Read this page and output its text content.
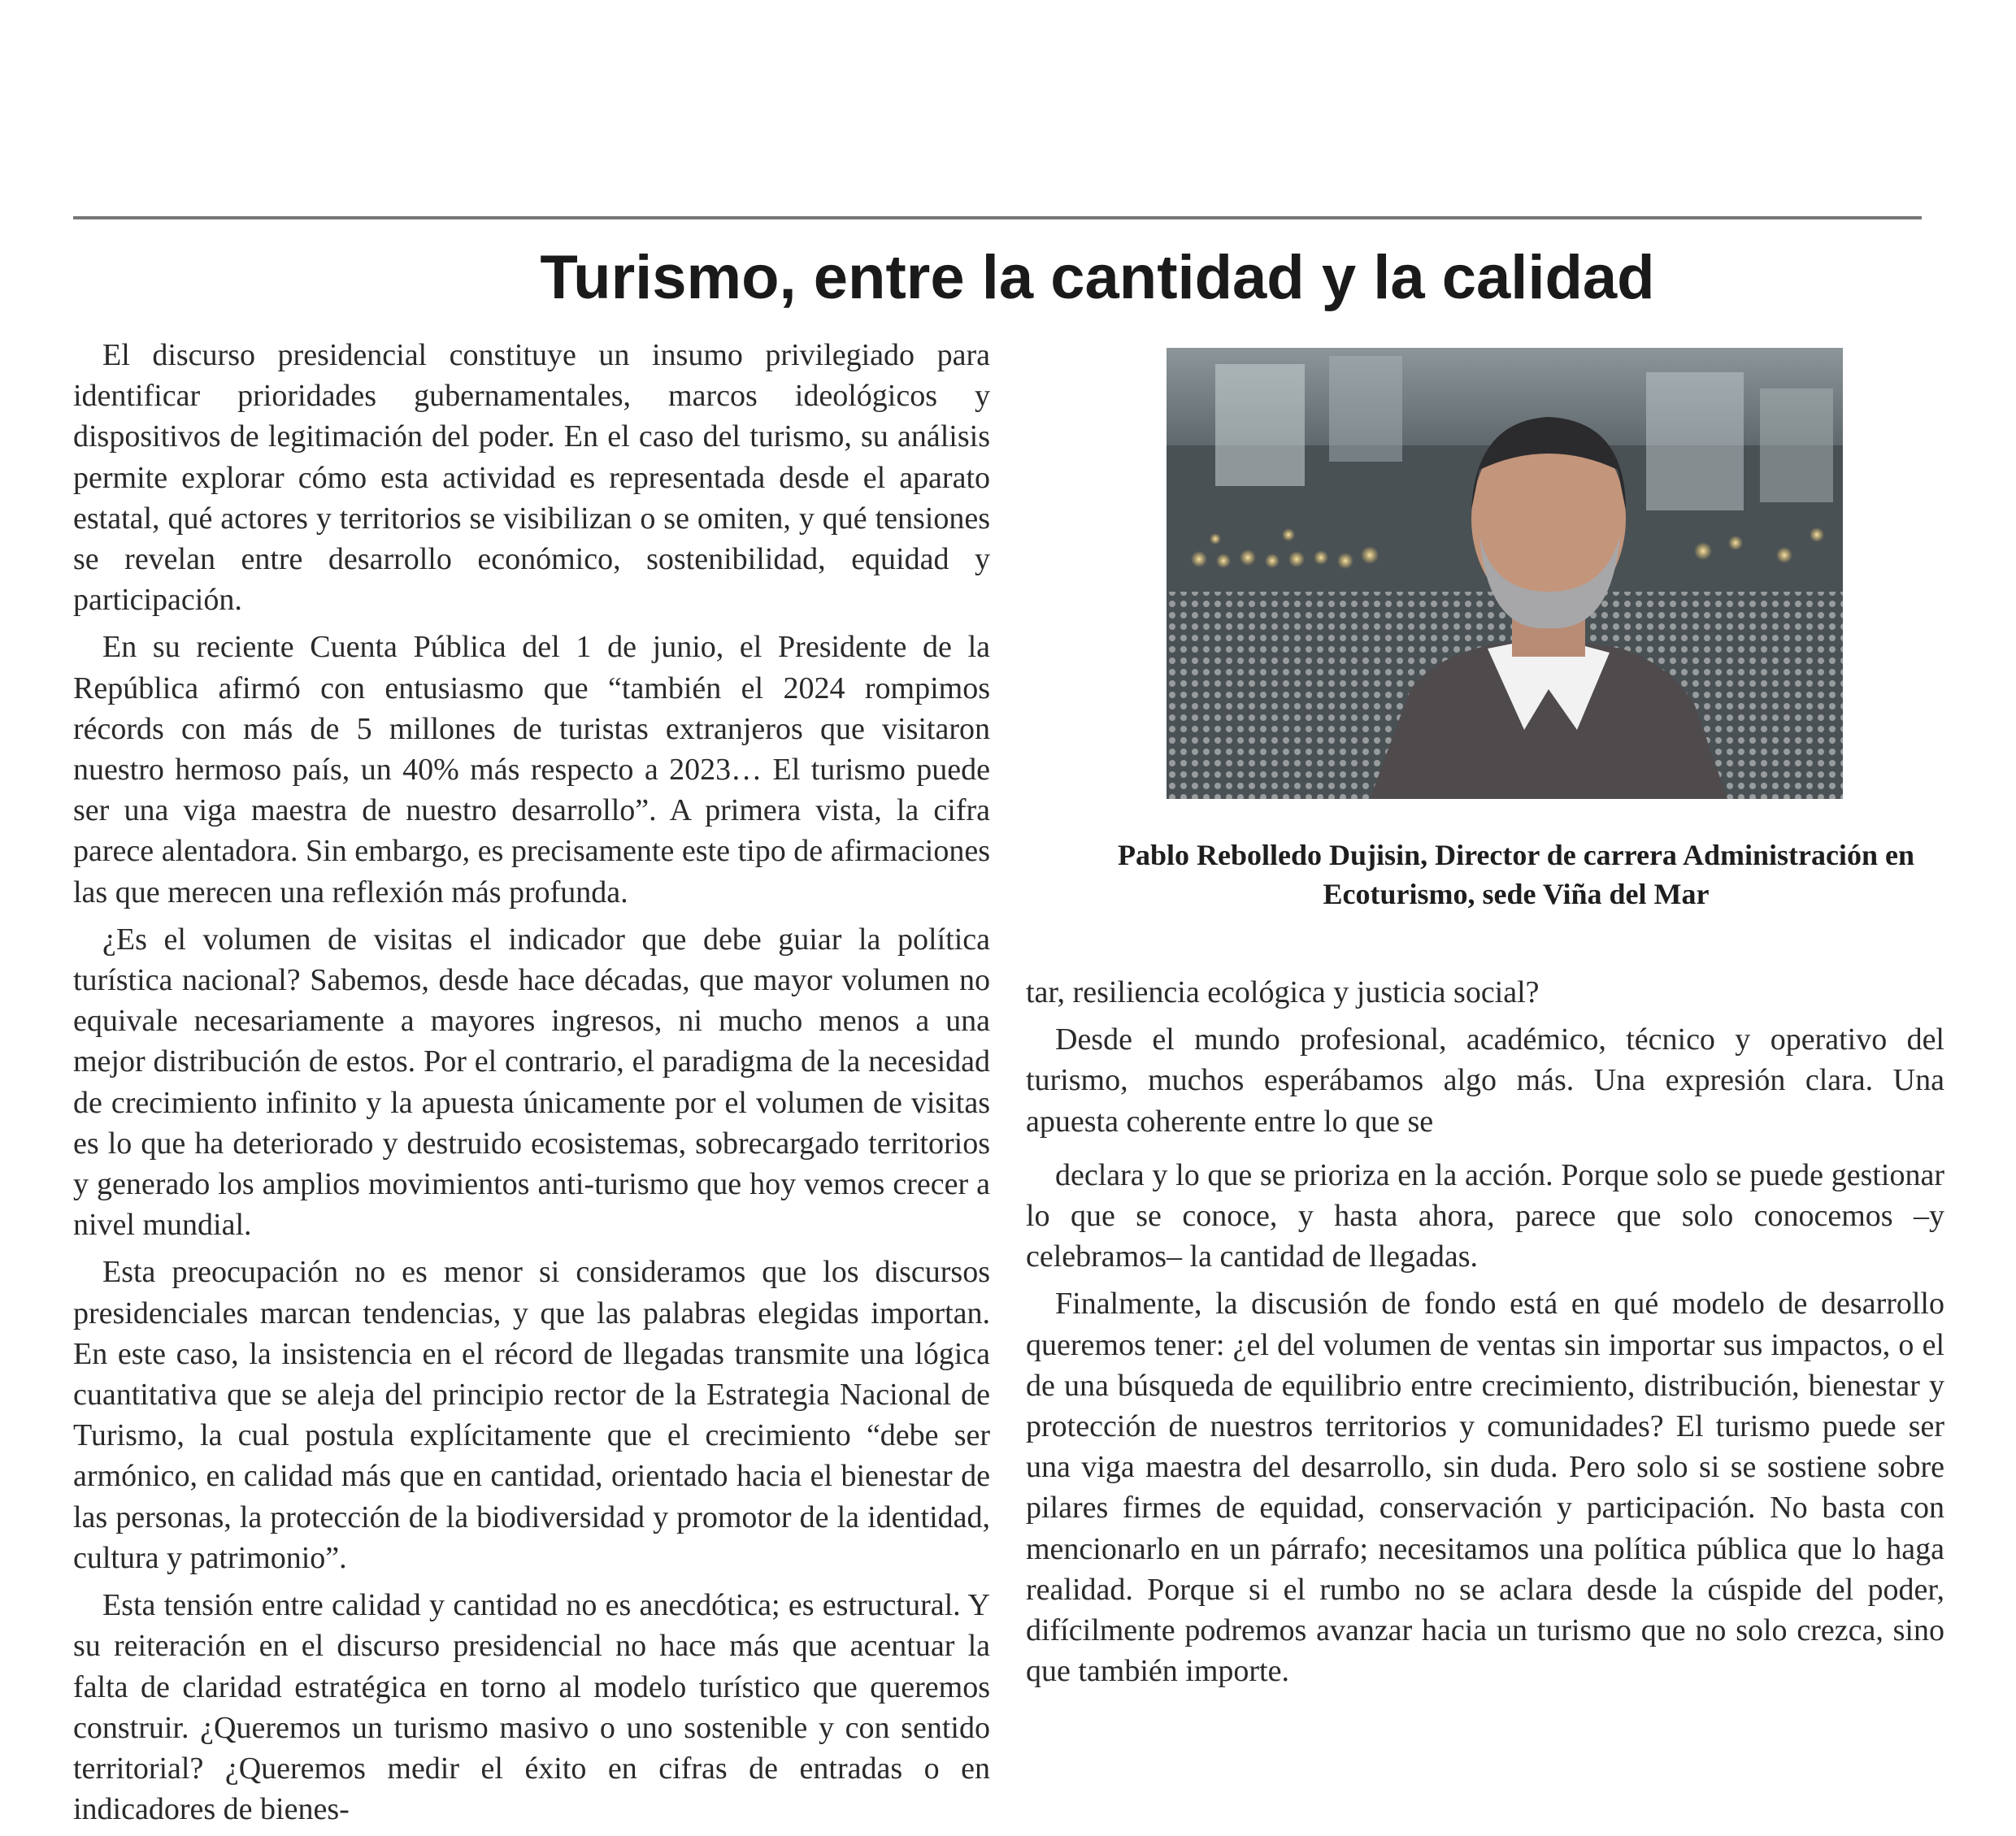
Turismo, entre la cantidad y la calidad

El discurso presidencial constituye un insumo privilegiado para identificar prioridades gubernamentales, marcos ideológicos y dispositivos de legitimación del poder. En el caso del turismo, su análisis permite explorar cómo esta actividad es representada desde el aparato estatal, qué actores y territorios se visibilizan o se omiten, y qué tensiones se revelan entre desarrollo económico, sostenibilidad, equidad y participación.

En su reciente Cuenta Pública del 1 de junio, el Presidente de la República afirmó con entusiasmo que “también el 2024 rompimos récords con más de 5 millones de turistas extranjeros que visitaron nuestro hermoso país, un 40% más respecto a 2023… El turismo puede ser una viga maestra de nuestro desarrollo”. A primera vista, la cifra parece alentadora. Sin embargo, es precisamente este tipo de afirmaciones las que merecen una reflexión más profunda.

¿Es el volumen de visitas el indicador que debe guiar la política turística nacional? Sabemos, desde hace décadas, que mayor volumen no equivale necesariamente a mayores ingresos, ni mucho menos a una mejor distribución de estos. Por el contrario, el paradigma de la necesidad de crecimiento infinito y la apuesta únicamente por el volumen de visitas es lo que ha deteriorado y destruido ecosistemas, sobrecargado territorios y generado los amplios movimientos anti-turismo que hoy vemos crecer a nivel mundial.

Esta preocupación no es menor si consideramos que los discursos presidenciales marcan tendencias, y que las palabras elegidas importan. En este caso, la insistencia en el récord de llegadas transmite una lógica cuantitativa que se aleja del principio rector de la Estrategia Nacional de Turismo, la cual postula explícitamente que el crecimiento “debe ser armónico, en calidad más que en cantidad, orientado hacia el bienestar de las personas, la protección de la biodiversidad y promotor de la identidad, cultura y patrimonio”.

Esta tensión entre calidad y cantidad no es anecdótica; es estructural. Y su reiteración en el discurso presidencial no hace más que acentuar la falta de claridad estratégica en torno al modelo turístico que queremos construir. ¿Queremos un turismo masivo o uno sostenible y con sentido territorial? ¿Queremos medir el éxito en cifras de entradas o en indicadores de bienes-

Pablo Rebolledo Dujisin, Director de carrera Administración en
Ecoturismo, sede Viña del Mar

tar, resiliencia ecológica y justicia social?

Desde el mundo profesional, académico, técnico y operativo del turismo, muchos esperábamos algo más. Una expresión clara. Una apuesta coherente entre lo que se

declara y lo que se prioriza en la acción. Porque solo se puede gestionar lo que se conoce, y hasta ahora, parece que solo conocemos –y celebramos– la cantidad de llegadas.

Finalmente, la discusión de fondo está en qué modelo de desarrollo queremos tener: ¿el del volumen de ventas sin importar sus impactos, o el de una búsqueda de equilibrio entre crecimiento, distribución, bienestar y protección de nuestros territorios y comunidades? El turismo puede ser una viga maestra del desarrollo, sin duda. Pero solo si se sostiene sobre pilares firmes de equidad, conservación y participación. No basta con mencionarlo en un párrafo; necesitamos una política pública que lo haga realidad. Porque si el rumbo no se aclara desde la cúspide del poder, difícilmente podremos avanzar hacia un turismo que no solo crezca, sino que también importe.
